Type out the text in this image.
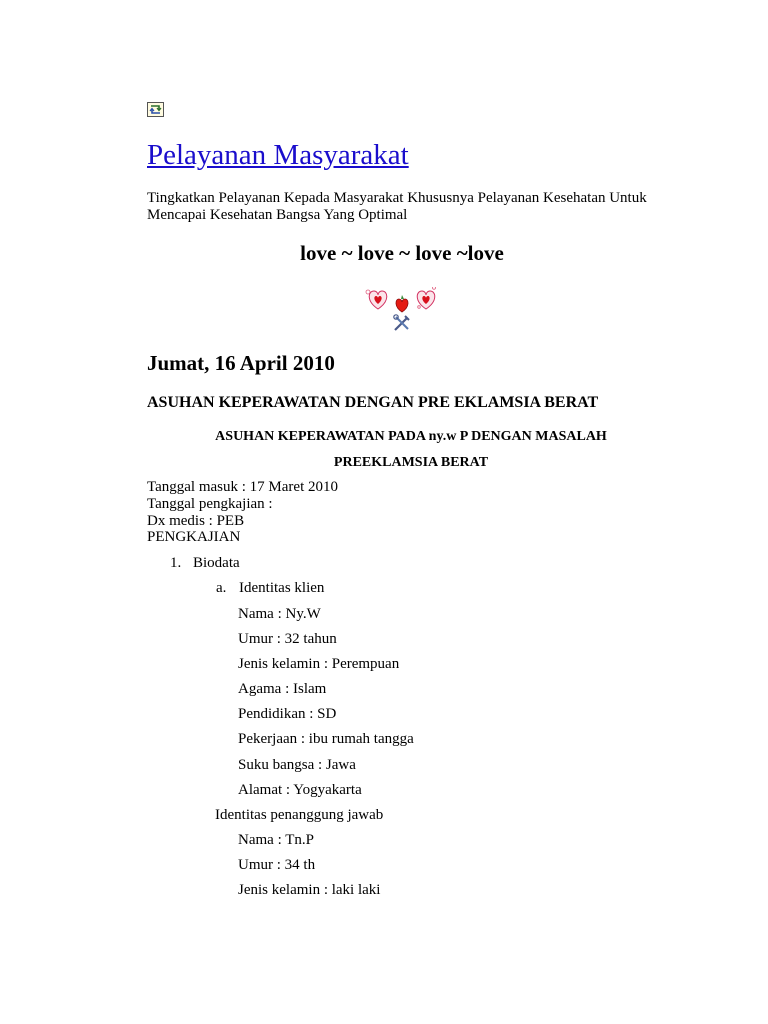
Pelayanan Masyarakat
Tingkatkan Pelayanan Kepada Masyarakat Khususnya Pelayanan Kesehatan Untuk Mencapai Kesehatan Bangsa Yang Optimal
love ~ love ~ love ~love
Jumat, 16 April 2010
ASUHAN KEPERAWATAN DENGAN PRE EKLAMSIA BERAT
ASUHAN KEPERAWATAN PADA ny.w P DENGAN MASALAH
PREEKLAMSIA BERAT
Tanggal masuk : 17 Maret 2010
Tanggal pengkajian :
Dx medis : PEB
PENGKAJIAN
1. Biodata
a. Identitas klien
Nama : Ny.W
Umur : 32 tahun
Jenis kelamin : Perempuan
Agama : Islam
Pendidikan : SD
Pekerjaan : ibu rumah tangga
Suku bangsa : Jawa
Alamat : Yogyakarta
Identitas penanggung jawab
Nama : Tn.P
Umur : 34 th
Jenis kelamin : laki laki
